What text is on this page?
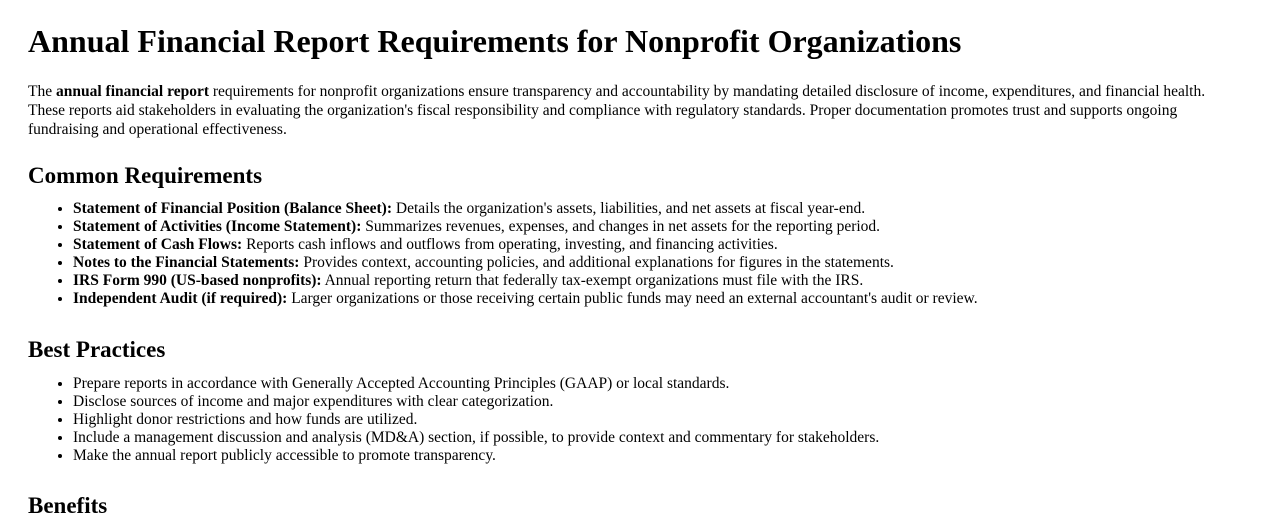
Annual Financial Report Requirements for Nonprofit Organizations

The annual financial report requirements for nonprofit organizations ensure transparency and accountability by mandating detailed disclosure of income, expenditures, and financial health. These reports aid stakeholders in evaluating the organization's fiscal responsibility and compliance with regulatory standards. Proper documentation promotes trust and supports ongoing fundraising and operational effectiveness.

Common Requirements
• Statement of Financial Position (Balance Sheet): Details the organization's assets, liabilities, and net assets at fiscal year-end.
• Statement of Activities (Income Statement): Summarizes revenues, expenses, and changes in net assets for the reporting period.
• Statement of Cash Flows: Reports cash inflows and outflows from operating, investing, and financing activities.
• Notes to the Financial Statements: Provides context, accounting policies, and additional explanations for figures in the statements.
• IRS Form 990 (US-based nonprofits): Annual reporting return that federally tax-exempt organizations must file with the IRS.
• Independent Audit (if required): Larger organizations or those receiving certain public funds may need an external accountant's audit or review.
Best Practices
• Prepare reports in accordance with Generally Accepted Accounting Principles (GAAP) or local standards.
• Disclose sources of income and major expenditures with clear categorization.
• Highlight donor restrictions and how funds are utilized.
• Include a management discussion and analysis (MD&A) section, if possible, to provide context and commentary for stakeholders.
• Make the annual report publicly accessible to promote transparency.
Benefits
